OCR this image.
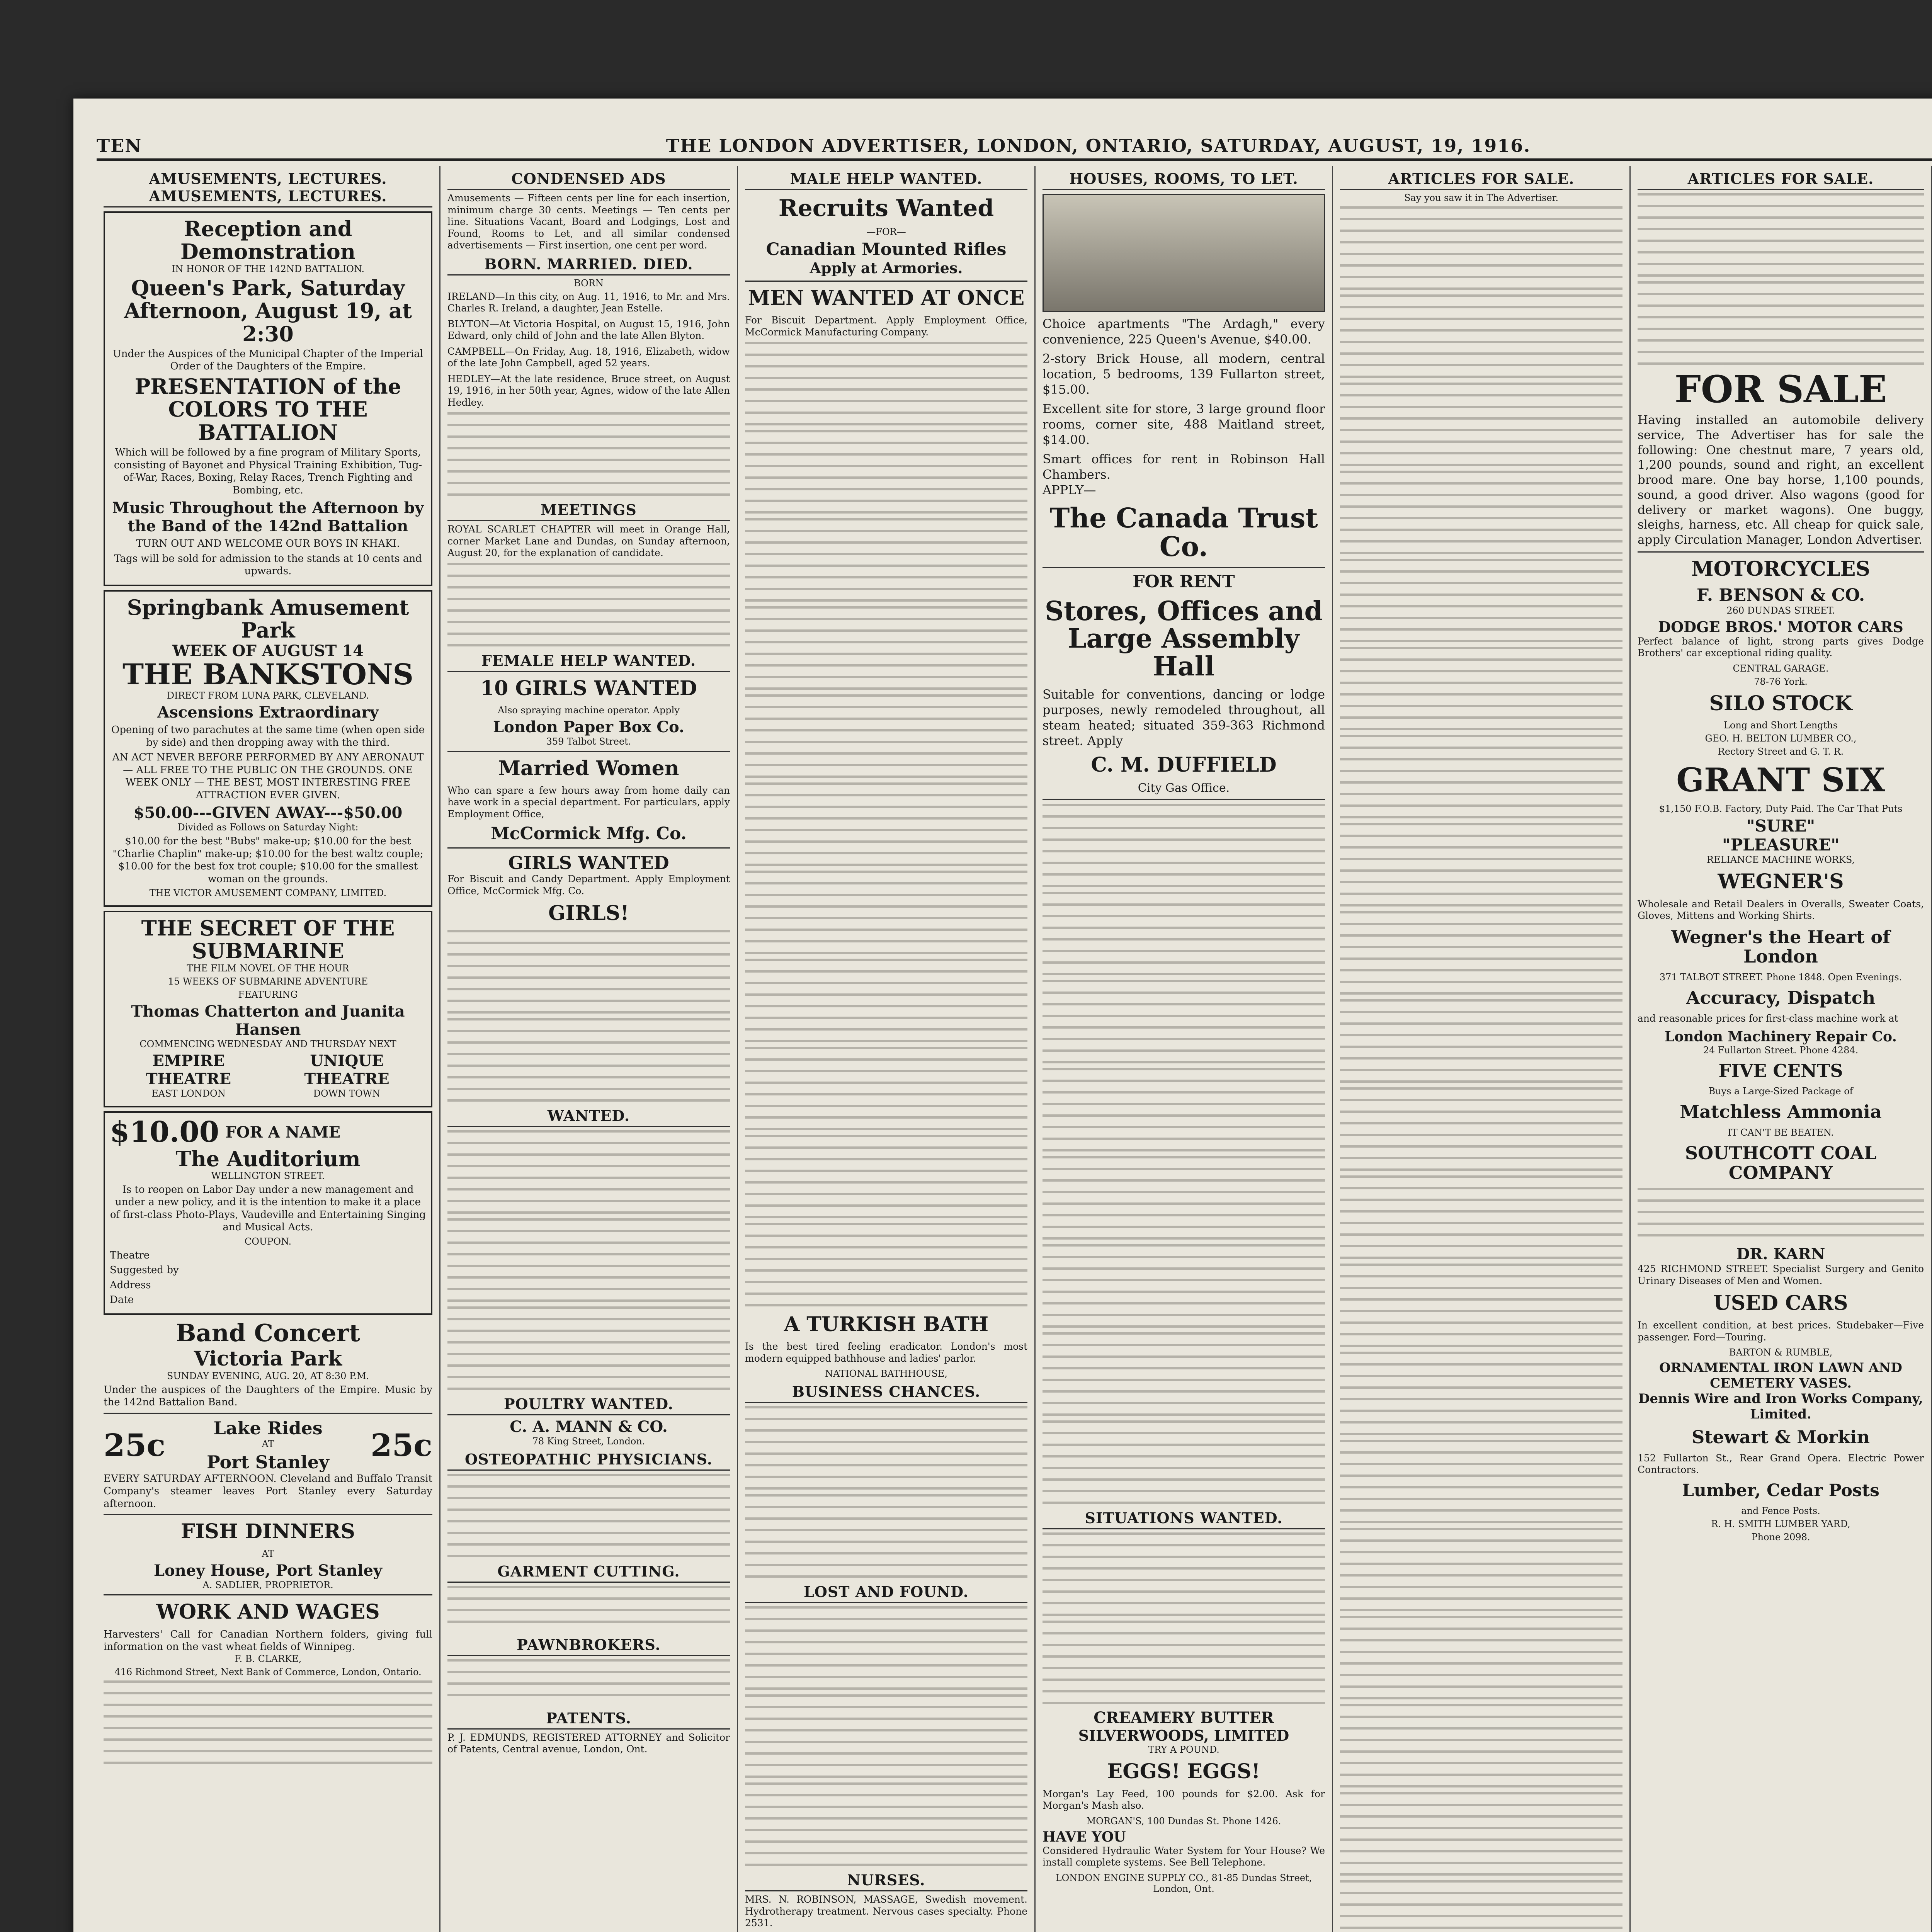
TEN	THE LONDON ADVERTISER, LONDON, ONTARIO, SATURDAY, AUGUST, 19, 1916.
AMUSEMENTS, LECTURES. AMUSEMENTS, LECTURES.
Reception and Demonstration
IN HONOR OF THE 142ND BATTALION.
Queen's Park, Saturday Afternoon, August 19, at 2:30
Under the Auspices of the Municipal Chapter of the Imperial Order of the Daughters of the Empire.
PRESENTATION of the COLORS TO THE BATTALION
Which will be followed by a fine program of Military Sports, consisting of Bayonet and Physical Training Exhibition, Tug-of-War, Races, Boxing, Relay Races, Trench Fighting and Bombing, etc.
Music Throughout the Afternoon by the Band of the 142nd Battalion
TURN OUT AND WELCOME OUR BOYS IN KHAKI.
Tags will be sold for admission to the stands at 10 cents and upwards.
Springbank Amusement Park
WEEK OF AUGUST 14
THE BANKSTONS
DIRECT FROM LUNA PARK, CLEVELAND.
Ascensions Extraordinary
Opening of two parachutes at the same time (when open side by side) and then dropping away with the third.
AN ACT NEVER BEFORE PERFORMED BY ANY AERONAUT — ALL FREE TO THE PUBLIC ON THE GROUNDS. ONE WEEK ONLY — THE BEST, MOST INTERESTING FREE ATTRACTION EVER GIVEN.
$50.00---GIVEN AWAY---$50.00
Divided as Follows on Saturday Night:
$10.00 for the best "Bubs" make-up; $10.00 for the best "Charlie Chaplin" make-up; $10.00 for the best waltz couple; $10.00 for the best fox trot couple; $10.00 for the smallest woman on the grounds.
THE VICTOR AMUSEMENT COMPANY, LIMITED.
THE SECRET OF THE SUBMARINE
THE FILM NOVEL OF THE HOUR
15 WEEKS OF SUBMARINE ADVENTURE
FEATURING
Thomas Chatterton and Juanita Hansen
COMMENCING WEDNESDAY AND THURSDAY NEXT
EMPIRE THEATRE
EAST LONDON
UNIQUE THEATRE
DOWN TOWN
$10.00 FOR A NAME
The Auditorium
WELLINGTON STREET.
Is to reopen on Labor Day under a new management and under a new policy, and it is the intention to make it a place of first-class Photo-Plays, Vaudeville and Entertaining Singing and Musical Acts.
COUPON.
Theatre
Suggested by
Address
Date
Band Concert
Victoria Park
SUNDAY EVENING, AUG. 20, AT 8:30 P.M.
Under the auspices of the Daughters of the Empire. Music by the 142nd Battalion Band.
25c	Lake Rides
AT
Port Stanley 25c
EVERY SATURDAY AFTERNOON. Cleveland and Buffalo Transit Company's steamer leaves Port Stanley every Saturday afternoon.
FISH DINNERS
AT
Loney House, Port Stanley
A. SADLIER, PROPRIETOR.
WORK AND WAGES
Harvesters' Call for Canadian Northern folders, giving full information on the vast wheat fields of Winnipeg.
F. B. CLARKE,
416 Richmond Street, Next Bank of Commerce, London, Ontario.
CONDENSED ADS
Amusements — Fifteen cents per line for each insertion, minimum charge 30 cents. Meetings — Ten cents per line. Situations Vacant, Board and Lodgings, Lost and Found, Rooms to Let, and all similar condensed advertisements — First insertion, one cent per word.
BORN. MARRIED. DIED.
BORN
IRELAND—In this city, on Aug. 11, 1916, to Mr. and Mrs. Charles R. Ireland, a daughter, Jean Estelle.
BLYTON—At Victoria Hospital, on August 15, 1916, John Edward, only child of John and the late Allen Blyton.
CAMPBELL—On Friday, Aug. 18, 1916, Elizabeth, widow of the late John Campbell, aged 52 years.
HEDLEY—At the late residence, Bruce street, on August 19, 1916, in her 50th year, Agnes, widow of the late Allen Hedley.
MEETINGS
ROYAL SCARLET CHAPTER will meet in Orange Hall, corner Market Lane and Dundas, on Sunday afternoon, August 20, for the explanation of candidate.
FEMALE HELP WANTED.
10 GIRLS WANTED
Also spraying machine operator. Apply
London Paper Box Co.
359 Talbot Street.
Married Women
Who can spare a few hours away from home daily can have work in a special department. For particulars, apply Employment Office,
McCormick Mfg. Co.
GIRLS WANTED
For Biscuit and Candy Department. Apply Employment Office, McCormick Mfg. Co.
GIRLS!
WANTED.
POULTRY WANTED.
C. A. MANN & CO.
78 King Street, London.
OSTEOPATHIC PHYSICIANS.
GARMENT CUTTING.
PAWNBROKERS.
PATENTS.
P. J. EDMUNDS, REGISTERED ATTORNEY and Solicitor of Patents, Central avenue, London, Ont.
MALE HELP WANTED.
Recruits Wanted
—FOR—
Canadian Mounted Rifles
Apply at Armories.
MEN WANTED AT ONCE
For Biscuit Department. Apply Employment Office, McCormick Manufacturing Company.
A TURKISH BATH
Is the best tired feeling eradicator. London's most modern equipped bathhouse and ladies' parlor.
NATIONAL BATHHOUSE,
BUSINESS CHANCES.
LOST AND FOUND.
NURSES.
MRS. N. ROBINSON, MASSAGE, Swedish movement. Hydrotherapy treatment. Nervous cases specialty. Phone 2531.
HOUSES, ROOMS, TO LET.
Choice apartments "The Ardagh," every convenience, 225 Queen's Avenue, $40.00.
2-story Brick House, all modern, central location, 5 bedrooms, 139 Fullarton street, $15.00.
Excellent site for store, 3 large ground floor rooms, corner site, 488 Maitland street, $14.00.
Smart offices for rent in Robinson Hall Chambers.
APPLY—
The Canada Trust Co.
FOR RENT
Stores, Offices and Large Assembly Hall
Suitable for conventions, dancing or lodge purposes, newly remodeled throughout, all steam heated; situated 359-363 Richmond street. Apply
C. M. DUFFIELD
City Gas Office.
SITUATIONS WANTED.
CREAMERY BUTTER
SILVERWOODS, LIMITED
TRY A POUND.
EGGS! EGGS!
Morgan's Lay Feed, 100 pounds for $2.00. Ask for Morgan's Mash also.
MORGAN'S, 100 Dundas St. Phone 1426.
HAVE YOU
Considered Hydraulic Water System for Your House? We install complete systems. See Bell Telephone.
LONDON ENGINE SUPPLY CO., 81-85 Dundas Street, London, Ont.
ARTICLES FOR SALE.
Say you saw it in The Advertiser.
ARTICLES FOR SALE.
FOR SALE
Having installed an automobile delivery service, The Advertiser has for sale the following: One chestnut mare, 7 years old, 1,200 pounds, sound and right, an excellent brood mare. One bay horse, 1,100 pounds, sound, a good driver. Also wagons (good for delivery or market wagons). One buggy, sleighs, harness, etc. All cheap for quick sale, apply Circulation Manager, London Advertiser.
MOTORCYCLES
F. BENSON & CO.
260 DUNDAS STREET.
DODGE BROS.' MOTOR CARS
Perfect balance of light, strong parts gives Dodge Brothers' car exceptional riding quality.
CENTRAL GARAGE.
78-76 York.
SILO STOCK
Long and Short Lengths
GEO. H. BELTON LUMBER CO.,
Rectory Street and G. T. R.
GRANT SIX
$1,150 F.O.B. Factory, Duty Paid. The Car That Puts
"SURE"
"PLEASURE"
RELIANCE MACHINE WORKS,
WEGNER'S
Wholesale and Retail Dealers in Overalls, Sweater Coats, Gloves, Mittens and Working Shirts.
Wegner's the Heart of London
371 TALBOT STREET. Phone 1848. Open Evenings.
Accuracy, Dispatch
and reasonable prices for first-class machine work at
London Machinery Repair Co.
24 Fullarton Street. Phone 4284.
FIVE CENTS
Buys a Large-Sized Package of
Matchless Ammonia
IT CAN'T BE BEATEN.
SOUTHCOTT COAL COMPANY
DR. KARN
425 RICHMOND STREET. Specialist Surgery and Genito Urinary Diseases of Men and Women.
USED CARS
In excellent condition, at best prices. Studebaker—Five passenger. Ford—Touring.
BARTON & RUMBLE,
ORNAMENTAL IRON LAWN AND CEMETERY VASES.
Dennis Wire and Iron Works Company, Limited.
Stewart & Morkin
152 Fullarton St., Rear Grand Opera. Electric Power Contractors.
Lumber, Cedar Posts
and Fence Posts.
R. H. SMITH LUMBER YARD,
Phone 2098.
